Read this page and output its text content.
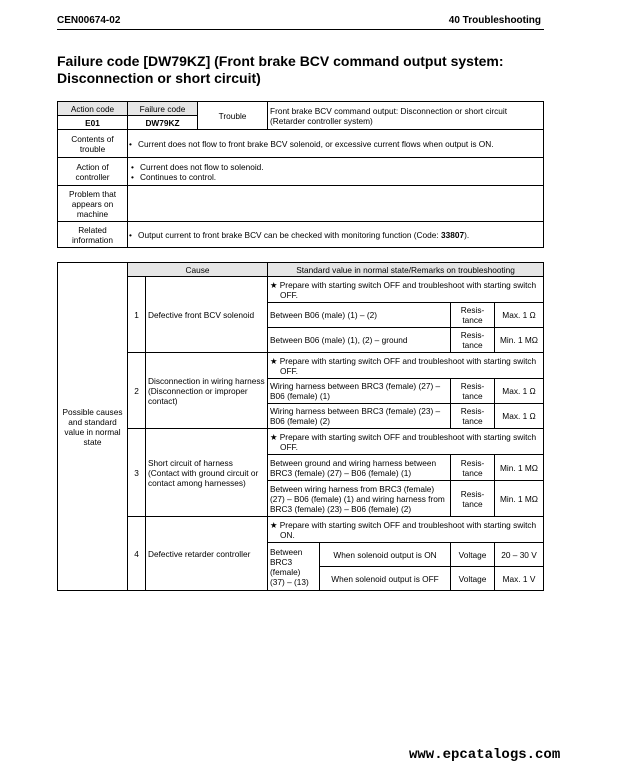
CEN00674-02	40 Troubleshooting
Failure code [DW79KZ] (Front brake BCV command output system: Disconnection or short circuit)
Action code	Failure code	Trouble	Front brake BCV command output: Disconnection or short circuit (Retarder controller system)
E01	DW79KZ		
Contents of trouble	• Current does not flow to front brake BCV solenoid, or excessive current flows when output is ON.
Action of controller	• Current does not flow to solenoid.
• Continues to control.

Problem that appears on machine			
Related information	• Output current to front brake BCV can be checked with monitoring function (Code: 33807).
Possible causes and standard value in normal state	Cause		Standard value in normal state/Remarks on troubleshooting			
	1	Defective front BCV solenoid	★ Prepare with starting switch OFF and troubleshoot with starting switch OFF.
			Between B06 (male) (1) – (2)		Resis-tance	Max. 1 Ω
			Between B06 (male) (1), (2) – ground		Resis-tance	Min. 1 MΩ
	2	Disconnection in wiring harness (Disconnection or improper contact)	★ Prepare with starting switch OFF and troubleshoot with starting switch OFF.
			Wiring harness between BRC3 (female) (27) – B06 (female) (1)		Resis-tance	Max. 1 Ω
			Wiring harness between BRC3 (female) (23) – B06 (female) (2)		Resis-tance	Max. 1 Ω
	3	Short circuit of harness (Contact with ground circuit or contact among harnesses)	★ Prepare with starting switch OFF and troubleshoot with starting switch OFF.
			Between ground and wiring harness between BRC3 (female) (27) – B06 (female) (1)		Resis-tance	Min. 1 MΩ
			Between wiring harness from BRC3 (female) (27) – B06 (female) (1) and wiring harness from BRC3 (female) (23) – B06 (female) (2)		Resis-tance	Min. 1 MΩ
	4	Defective retarder controller	★ Prepare with starting switch OFF and troubleshoot with starting switch ON.
			Between BRC3 (female) (37) – (13)	When solenoid output is ON	Voltage	20 – 30 V
				When solenoid output is OFF	Voltage	Max. 1 V
www.epcatalogs.com
